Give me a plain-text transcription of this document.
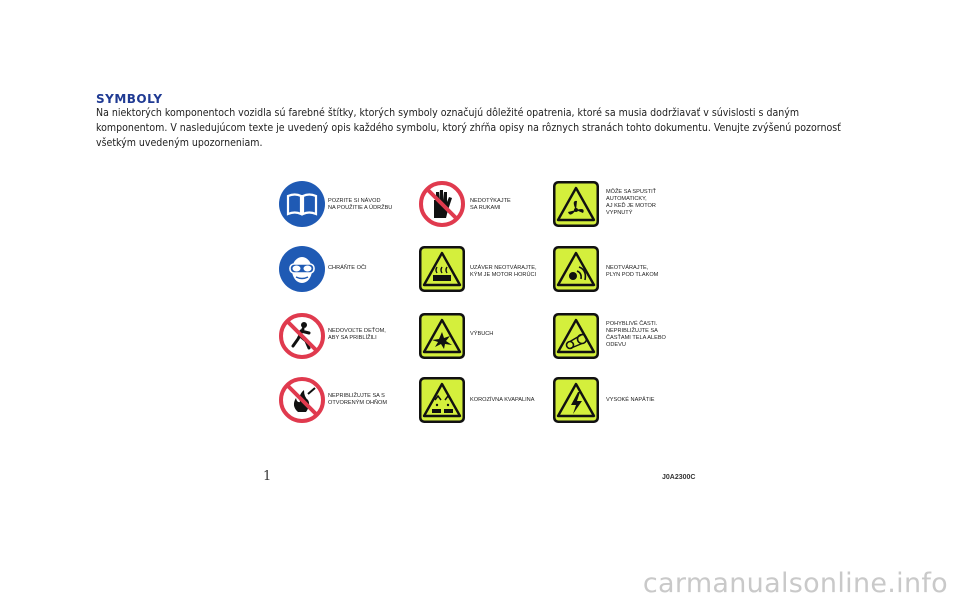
SYMBOLY

Na niektorých komponentoch vozidla sú farebné štítky, ktorých symboly označujú dôležité opatrenia, ktoré sa musia dodržiavať v súvislosti s daným komponentom. V nasledujúcom texte je uvedený opis každého symbolu, ktorý zhŕňa opisy na rôznych stranách tohto dokumentu. Venujte zvýšenú pozornosť všetkým uvedeným upozorneniam.

POZRITE SI NÁVOD
NA POUŽITIE A ÚDRŽBU

CHRÁŇTE OČI

NEDOVOĽTE DEŤOM,
ABY SA PRIBLÍŽILI

NEPRIBLIŽUJTE SA S
OTVORENÝM OHŇOM

NEDOTÝKAJTE
SA RUKAMI

UZÁVER NEOTVÁRAJTE,
KÝM JE MOTOR HORÚCI

VÝBUCH

KOROZÍVNA KVAPALINA

MÔŽE SA SPUSTIŤ
AUTOMATICKY,
AJ KEĎ JE MOTOR
VYPNUTÝ

NEOTVÁRAJTE,
PLYN POD TLAKOM

POHYBLIVÉ ČASTI.
NEPRIBLIŽUJTE SA
ČASŤAMI TELA ALEBO
ODEVU

VYSOKÉ NAPÄTIE

1	J0A2300C
carmanualsonline.info
